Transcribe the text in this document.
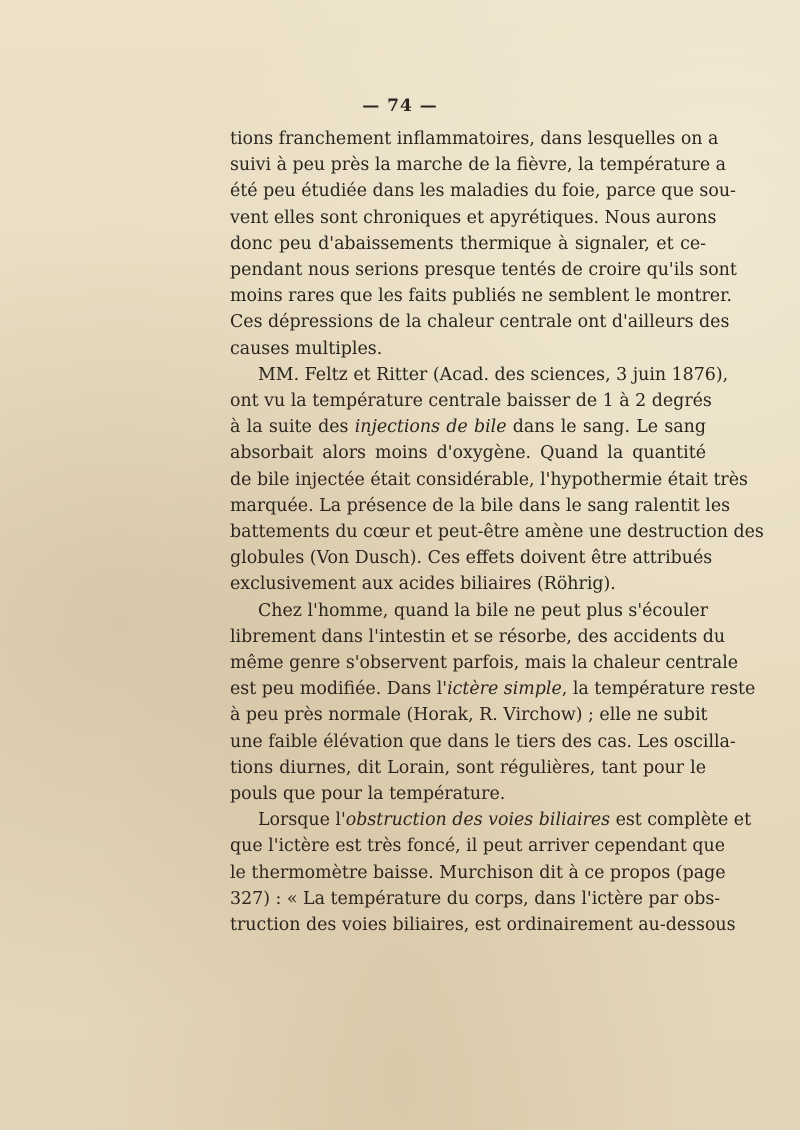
— 74 —
tions franchement inflammatoires, dans lesquelles on a
suivi à peu près la marche de la fièvre, la température a
été peu étudiée dans les maladies du foie, parce que sou-
vent elles sont chroniques et apyrétiques. Nous aurons
donc peu d'abaissements thermique à signaler, et ce-
pendant nous serions presque tentés de croire qu'ils sont
moins rares que les faits publiés ne semblent le montrer.
Ces dépressions de la chaleur centrale ont d'ailleurs des
causes multiples.
MM. Feltz et Ritter (Acad. des sciences, 3 juin 1876),
ont vu la température centrale baisser de 1 à 2 degrés
à la suite des injections de bile dans le sang. Le sang
absorbait alors moins d'oxygène. Quand la quantité
de bile injectée était considérable, l'hypothermie était très
marquée. La présence de la bile dans le sang ralentit les
battements du cœur et peut-être amène une destruction des
globules (Von Dusch). Ces effets doivent être attribués
exclusivement aux acides biliaires (Röhrig).
Chez l'homme, quand la bile ne peut plus s'écouler
librement dans l'intestin et se résorbe, des accidents du
même genre s'observent parfois, mais la chaleur centrale
est peu modifiée. Dans l'ictère simple, la température reste
à peu près normale (Horak, R. Virchow) ; elle ne subit
une faible élévation que dans le tiers des cas. Les oscilla-
tions diurnes, dit Lorain, sont régulières, tant pour le
pouls que pour la température.
Lorsque l'obstruction des voies biliaires est complète et
que l'ictère est très foncé, il peut arriver cependant que
le thermomètre baisse. Murchison dit à ce propos (page
327) : « La température du corps, dans l'ictère par obs-
truction des voies biliaires, est ordinairement au-dessous
